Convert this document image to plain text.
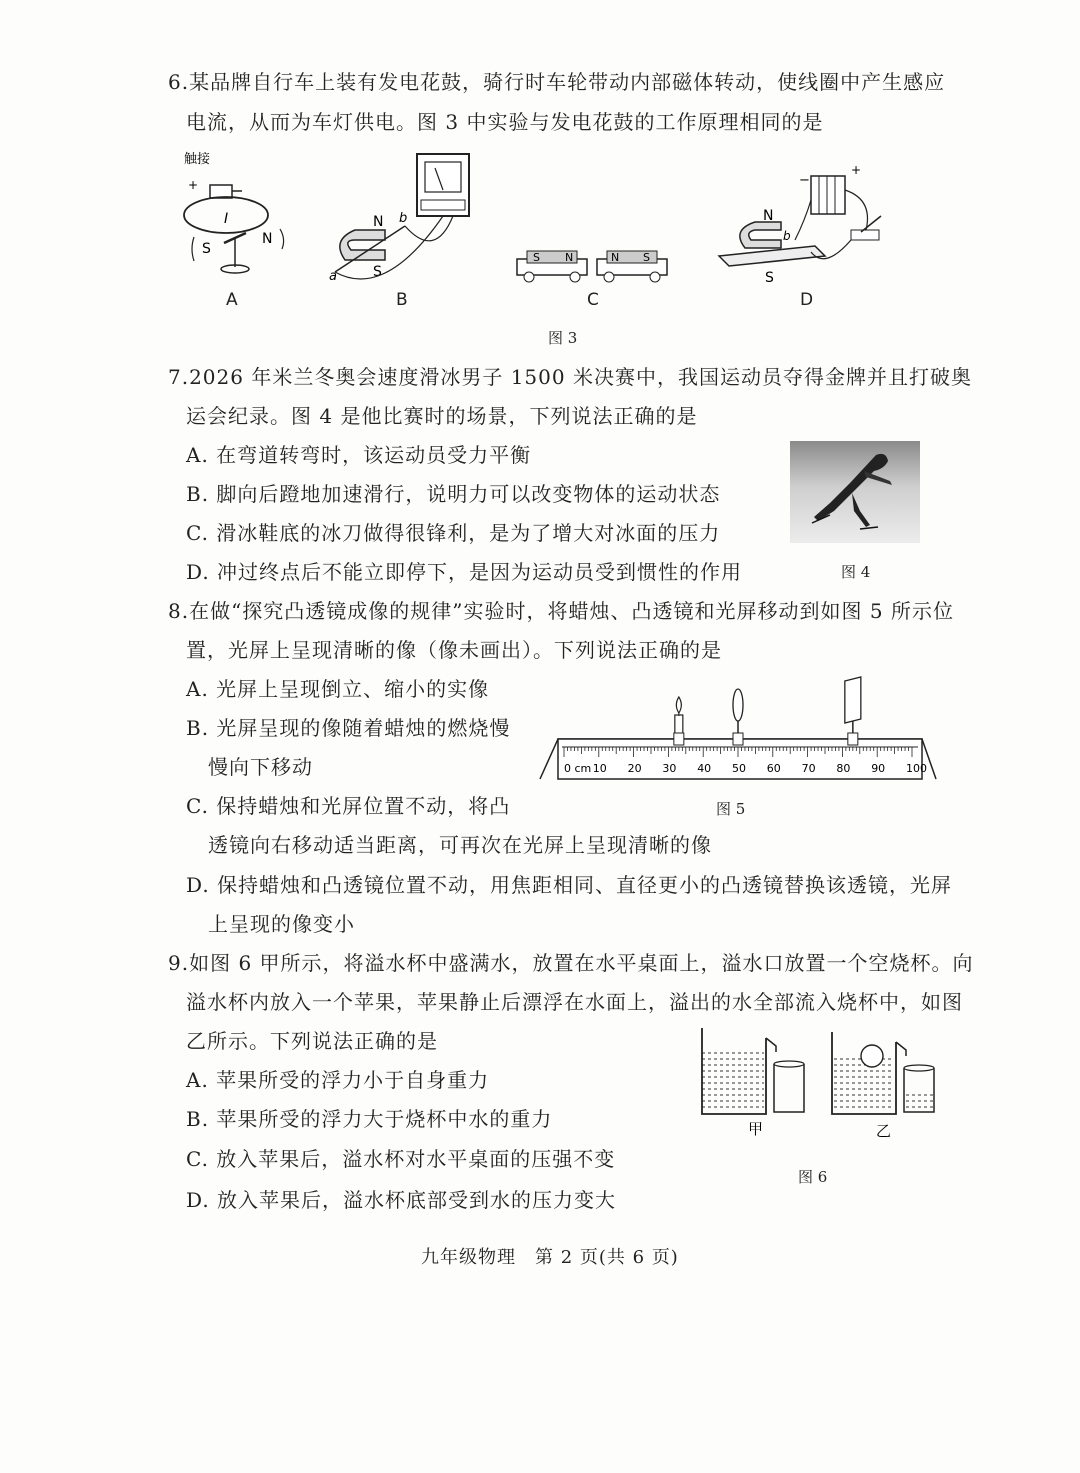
6.某品牌自行车上装有发电花鼓，骑行时车轮带动内部磁体转动，使线圈中产生感应
电流，从而为车灯供电。图 3 中实验与发电花鼓的工作原理相同的是
触接
+
I
S
N
A
N
S
a
b
B
S N	N S
C
−
+
N
S
b
D
图 3
7.2026 年米兰冬奥会速度滑冰男子 1500 米决赛中，我国运动员夺得金牌并且打破奥
运会纪录。图 4 是他比赛时的场景，下列说法正确的是
A. 在弯道转弯时，该运动员受力平衡
B. 脚向后蹬地加速滑行，说明力可以改变物体的运动状态
C. 滑冰鞋底的冰刀做得很锋利，是为了增大对冰面的压力
D. 冲过终点后不能立即停下，是因为运动员受到惯性的作用	图 4
8.在做“探究凸透镜成像的规律”实验时，将蜡烛、凸透镜和光屏移动到如图 5 所示位
置，光屏上呈现清晰的像（像未画出）。下列说法正确的是
A. 光屏上呈现倒立、缩小的实像
B. 光屏呈现的像随着蜡烛的燃烧慢
慢向下移动
C. 保持蜡烛和光屏位置不动，将凸
透镜向右移动适当距离，可再次在光屏上呈现清晰的像
D. 保持蜡烛和凸透镜位置不动，用焦距相同、直径更小的凸透镜替换该透镜，光屏
上呈现的像变小
0 cm 10 20 30 40 50 60 70 80 90 100
图 5
9.如图 6 甲所示，将溢水杯中盛满水，放置在水平桌面上，溢水口放置一个空烧杯。向
溢水杯内放入一个苹果，苹果静止后漂浮在水面上，溢出的水全部流入烧杯中，如图
乙所示。下列说法正确的是
A. 苹果所受的浮力小于自身重力
B. 苹果所受的浮力大于烧杯中水的重力
C. 放入苹果后，溢水杯对水平桌面的压强不变
D. 放入苹果后，溢水杯底部受到水的压力变大
甲	乙
图 6
九年级物理　第 2 页(共 6 页)
